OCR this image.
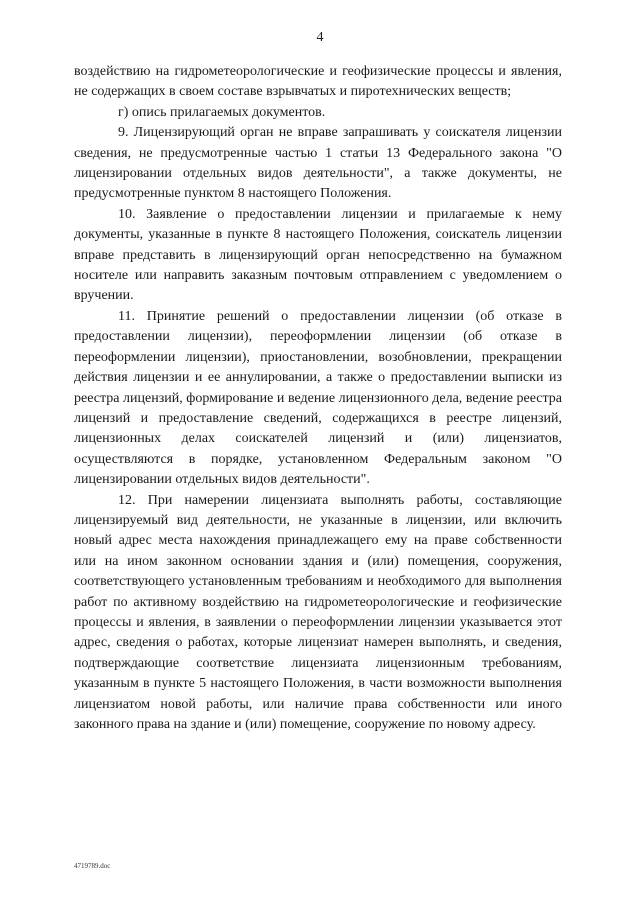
4

воздействию на гидрометеорологические и геофизические процессы и явления, не содержащих в своем составе взрывчатых и пиротехнических веществ;

г) опись прилагаемых документов.

9. Лицензирующий орган не вправе запрашивать у соискателя лицензии сведения, не предусмотренные частью 1 статьи 13 Федерального закона "О лицензировании отдельных видов деятельности", а также документы, не предусмотренные пунктом 8 настоящего Положения.

10. Заявление о предоставлении лицензии и прилагаемые к нему документы, указанные в пункте 8 настоящего Положения, соискатель лицензии вправе представить в лицензирующий орган непосредственно на бумажном носителе или направить заказным почтовым отправлением с уведомлением о вручении.

11. Принятие решений о предоставлении лицензии (об отказе в предоставлении лицензии), переоформлении лицензии (об отказе в переоформлении лицензии), приостановлении, возобновлении, прекращении действия лицензии и ее аннулировании, а также о предоставлении выписки из реестра лицензий, формирование и ведение лицензионного дела, ведение реестра лицензий и предоставление сведений, содержащихся в реестре лицензий, лицензионных делах соискателей лицензий и (или) лицензиатов, осуществляются в порядке, установленном Федеральным законом "О лицензировании отдельных видов деятельности".

12. При намерении лицензиата выполнять работы, составляющие лицензируемый вид деятельности, не указанные в лицензии, или включить новый адрес места нахождения принадлежащего ему на праве собственности или на ином законном основании здания и (или) помещения, сооружения, соответствующего установленным требованиям и необходимого для выполнения работ по активному воздействию на гидрометеорологические и геофизические процессы и явления, в заявлении о переоформлении лицензии указывается этот адрес, сведения о работах, которые лицензиат намерен выполнять, и сведения, подтверждающие соответствие лицензиата лицензионным требованиям, указанным в пункте 5 настоящего Положения, в части возможности выполнения лицензиатом новой работы, или наличие права собственности или иного законного права на здание и (или) помещение, сооружение по новому адресу.

4719789.doc
